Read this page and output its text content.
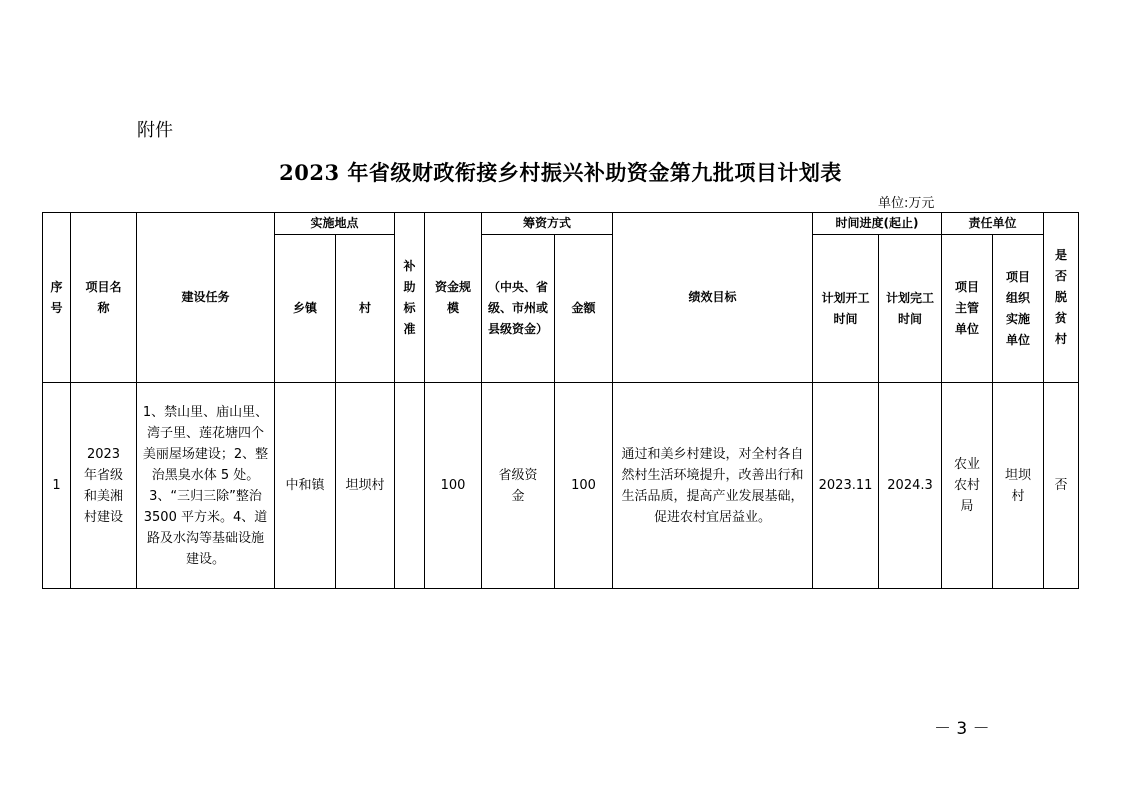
附件
2023 年省级财政衔接乡村振兴补助资金第九批项目计划表
单位:万元
序号	项目名称	建设任务	实施地点		补助标准	资金规模	筹资方式		绩效目标	时间进度(起止)		责任单位		是否脱贫村
			乡镇	村			（中央、省级、市州或县级资金）	金额		计划开工时间	计划完工时间	项目主管单位	项目组织实施单位	
1	2023 年省级和美湘村建设	1、禁山里、庙山里、湾子里、莲花塘四个美丽屋场建设；2、整治黑臭水体 5 处。3、“三归三除”整治 3500 平方米。4、道路及水沟等基础设施建设。	中和镇	坦坝村		100	省级资金	100	通过和美乡村建设，对全村各自然村生活环境提升，改善出行和生活品质，提高产业发展基础，促进农村宜居益业。	2023.11	2024.3	农业农村局	坦坝村	否
－ 3 －
